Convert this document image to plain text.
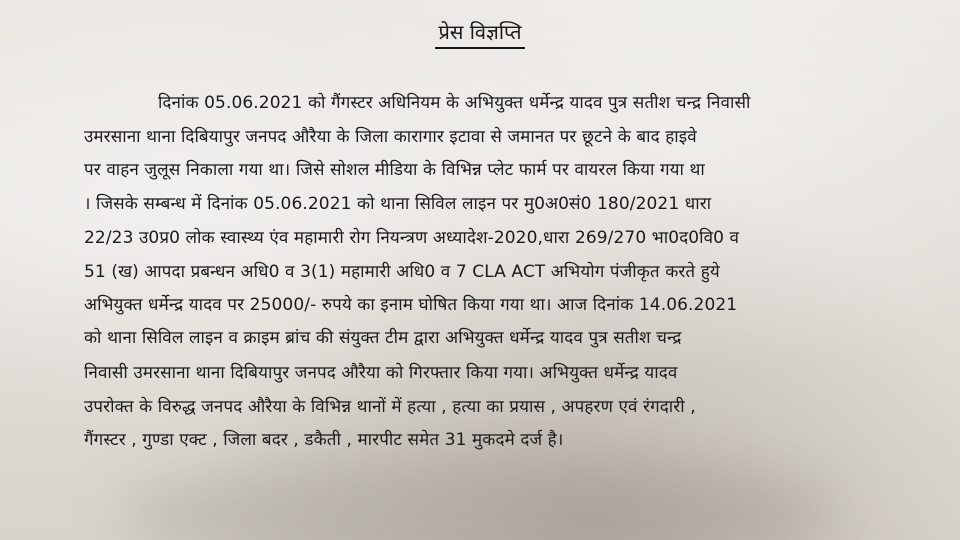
प्रेस विज्ञप्ति
दिनांक 05.06.2021 को गैंगस्टर अधिनियम के अभियुक्त धर्मेन्द्र यादव पुत्र सतीश चन्द्र निवासी
उमरसाना थाना दिबियापुर जनपद औरैया के जिला कारागार इटावा से जमानत पर छूटने के बाद हाइवे
पर वाहन जुलूस निकाला गया था। जिसे सोशल मीडिया के विभिन्न प्लेट फार्म पर वायरल किया गया था
। जिसके सम्बन्ध में दिनांक 05.06.2021 को थाना सिविल लाइन पर मु0अ0सं0 180/2021 धारा
22/23 उ0प्र0 लोक स्वास्थ्य एंव महामारी रोग नियन्त्रण अध्यादेश-2020,धारा 269/270 भा0द0वि0 व
51 (ख) आपदा प्रबन्धन अधि0 व 3(1) महामारी अधि0 व 7 CLA ACT अभियोग पंजीकृत करते हुये
अभियुक्त धर्मेन्द्र यादव पर 25000/- रुपये का इनाम घोषित किया गया था। आज दिनांक 14.06.2021
को थाना सिविल लाइन व क्राइम ब्रांच की संयुक्त टीम द्वारा अभियुक्त धर्मेन्द्र यादव पुत्र सतीश चन्द्र
निवासी उमरसाना थाना दिबियापुर जनपद औरैया को गिरफ्तार किया गया। अभियुक्त धर्मेन्द्र यादव
उपरोक्त के विरुद्ध जनपद औरैया के विभिन्न थानों में हत्या , हत्या का प्रयास , अपहरण एवं रंगदारी ,
गैंगस्टर , गुण्डा एक्ट , जिला बदर , डकैती , मारपीट समेत 31 मुकदमे दर्ज है।
